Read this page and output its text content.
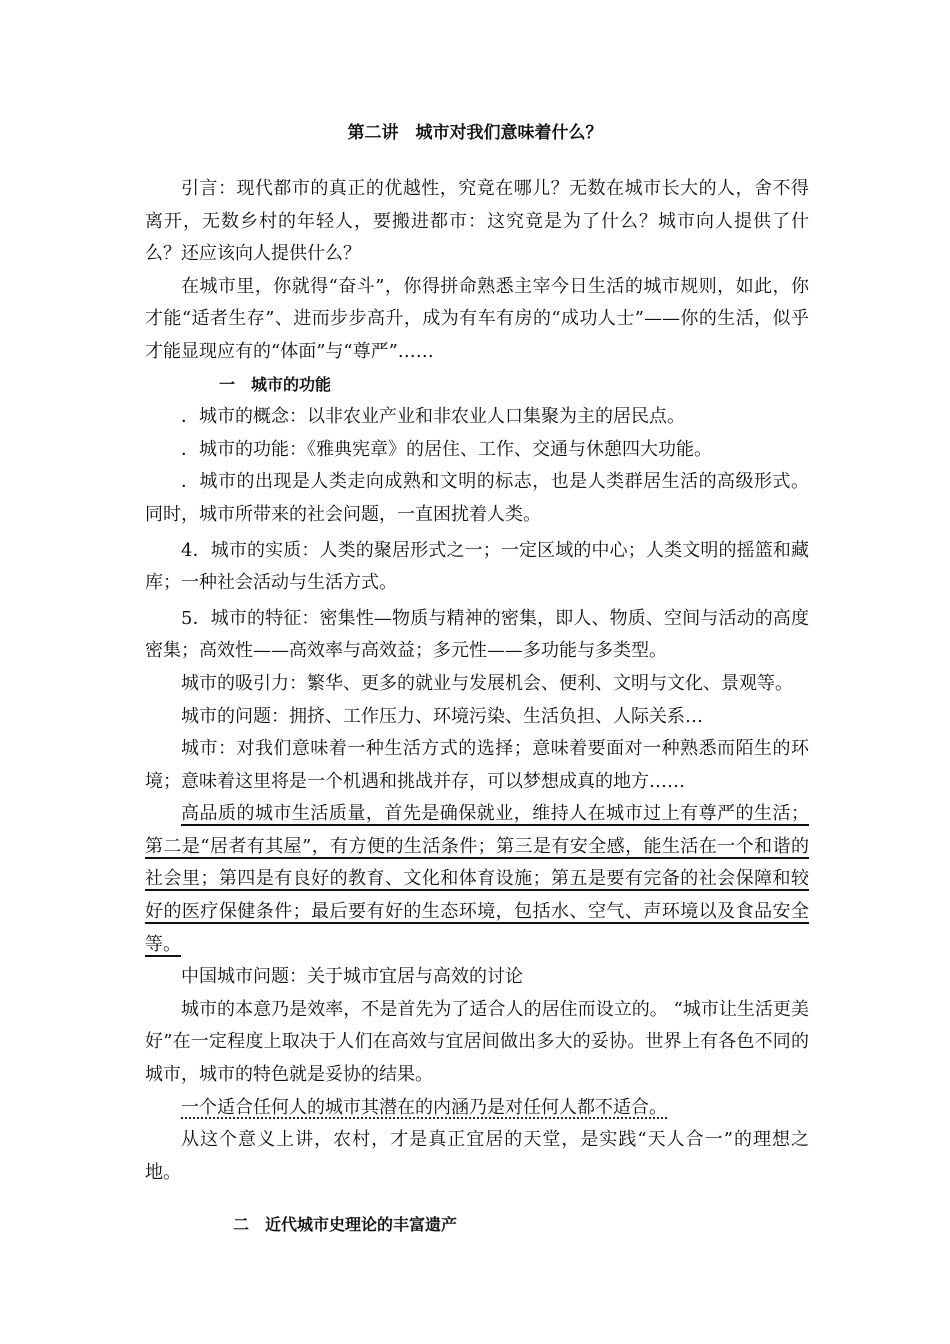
第二讲　城市对我们意味着什么？

引言：现代都市的真正的优越性，究竟在哪儿？无数在城市长大的人，舍不得离开，无数乡村的年轻人，要搬进都市：这究竟是为了什么？城市向人提供了什么？还应该向人提供什么？

在城市里，你就得“奋斗”，你得拼命熟悉主宰今日生活的城市规则，如此，你才能“适者生存”、进而步步高升，成为有车有房的“成功人士”——你的生活，似乎才能显现应有的“体面”与“尊严”……

一　城市的功能

．城市的概念：以非农业产业和非农业人口集聚为主的居民点。

．城市的功能：《雅典宪章》的居住、工作、交通与休憩四大功能。

．城市的出现是人类走向成熟和文明的标志，也是人类群居生活的高级形式。同时，城市所带来的社会问题，一直困扰着人类。

4．城市的实质：人类的聚居形式之一；一定区域的中心；人类文明的摇篮和藏库；一种社会活动与生活方式。

5．城市的特征：密集性—物质与精神的密集，即人、物质、空间与活动的高度密集；高效性——高效率与高效益；多元性——多功能与多类型。

城市的吸引力：繁华、更多的就业与发展机会、便利、文明与文化、景观等。

城市的问题：拥挤、工作压力、环境污染、生活负担、人际关系…

城市：对我们意味着一种生活方式的选择；意味着要面对一种熟悉而陌生的环境；意味着这里将是一个机遇和挑战并存，可以梦想成真的地方……

高品质的城市生活质量，首先是确保就业，维持人在城市过上有尊严的生活；第二是“居者有其屋”，有方便的生活条件；第三是有安全感，能生活在一个和谐的社会里；第四是有良好的教育、文化和体育设施；第五是要有完备的社会保障和较好的医疗保健条件；最后要有好的生态环境，包括水、空气、声环境以及食品安全等。

中国城市问题：关于城市宜居与高效的讨论

城市的本意乃是效率，不是首先为了适合人的居住而设立的。 “城市让生活更美好”在一定程度上取决于人们在高效与宜居间做出多大的妥协。世界上有各色不同的城市，城市的特色就是妥协的结果。

一个适合任何人的城市其潜在的内涵乃是对任何人都不适合。

从这个意义上讲，农村，才是真正宜居的天堂，是实践“天人合一”的理想之地。

二　近代城市史理论的丰富遗产
